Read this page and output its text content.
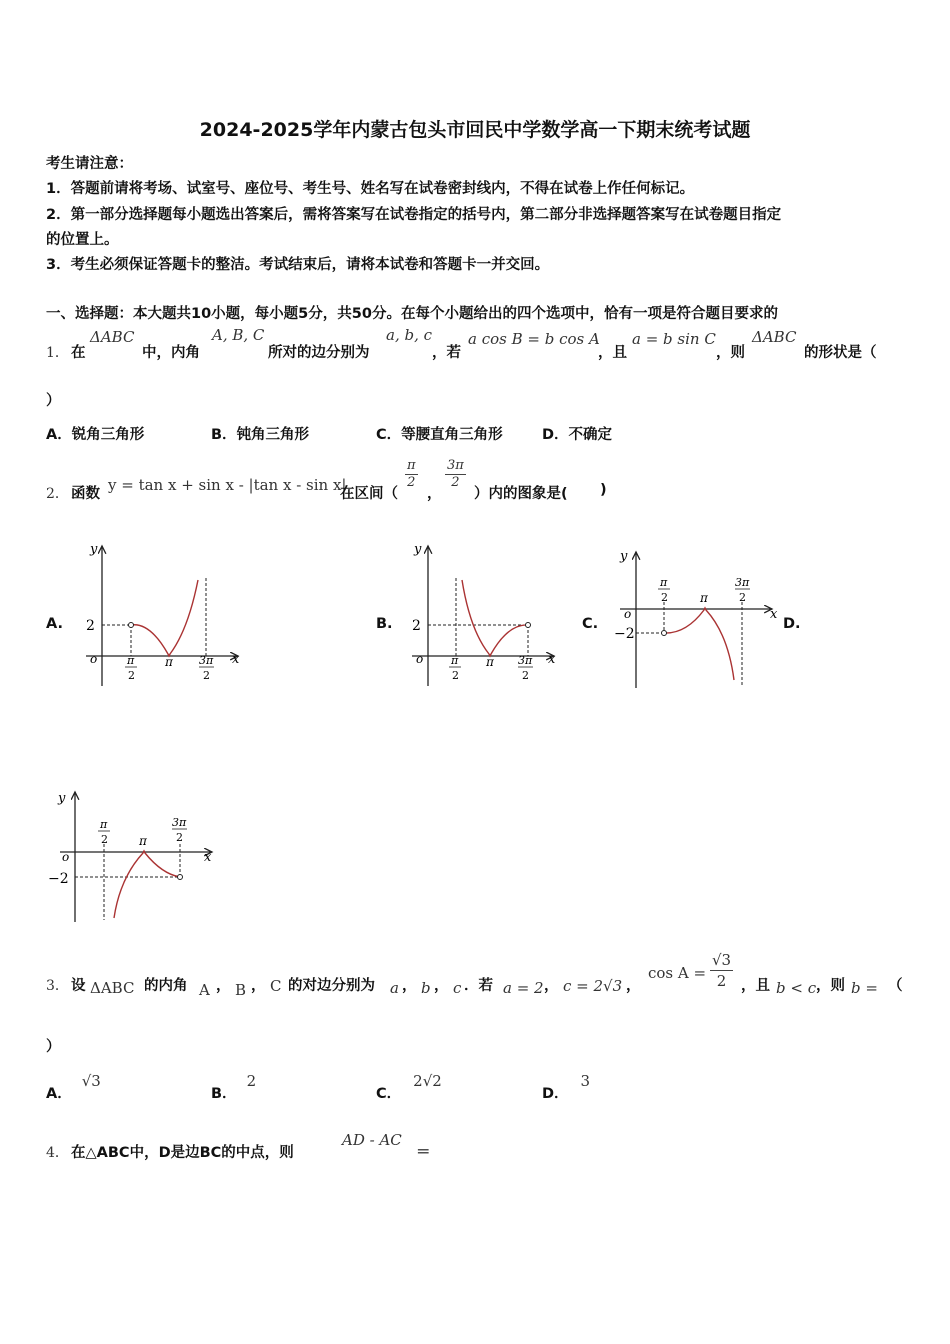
2024-2025学年内蒙古包头市回民中学数学高一下期末统考试题
考生请注意：
1．答题前请将考场、试室号、座位号、考生号、姓名写在试卷密封线内，不得在试卷上作任何标记。
2．第一部分选择题每小题选出答案后，需将答案写在试卷指定的括号内，第二部分非选择题答案写在试卷题目指定
的位置上。
3．考生必须保证答题卡的整洁。考试结束后，请将本试卷和答题卡一并交回。
一、选择题：本大题共10小题，每小题5分，共50分。在每个小题给出的四个选项中，恰有一项是符合题目要求的
1． 在
ΔABC
中，内角
A, B, C
所对的边分别为
a, b, c
，若
a cos B = b cos A
，且
a = b sin C
，则
ΔABC
的形状是（
）
A．锐角三角形	B．钝角三角形	C．等腰直角三角形	D．不确定
2． 函数 y = tan x + sin x - |tan x - sin x|
在区间（
$\frac{\pi}{2}$
，
$\frac{3\pi}{2}$
）内的图象是( )
A.	B.	C.	D.
y
x
o
2
π
2
π 3π
2
y
x
o
2
π
2
π 3π
2
y
x
o
−2
π
2	π
3π
2
y
x
o
−2
π
2	π
3π
2
3． 设 ΔABC 的内角 A ， B ， C 的对边分别为 a ， b ， c ．若 a = 2 ， c = 2√3 ，
$\cos A = \frac{√3}{2}$ ，且 b < c ，则 b = （
）
A．√3
B．2
C．2√2
D．3
4． 在△ABC中，D是边BC的中点，则
AD - AC
＝
